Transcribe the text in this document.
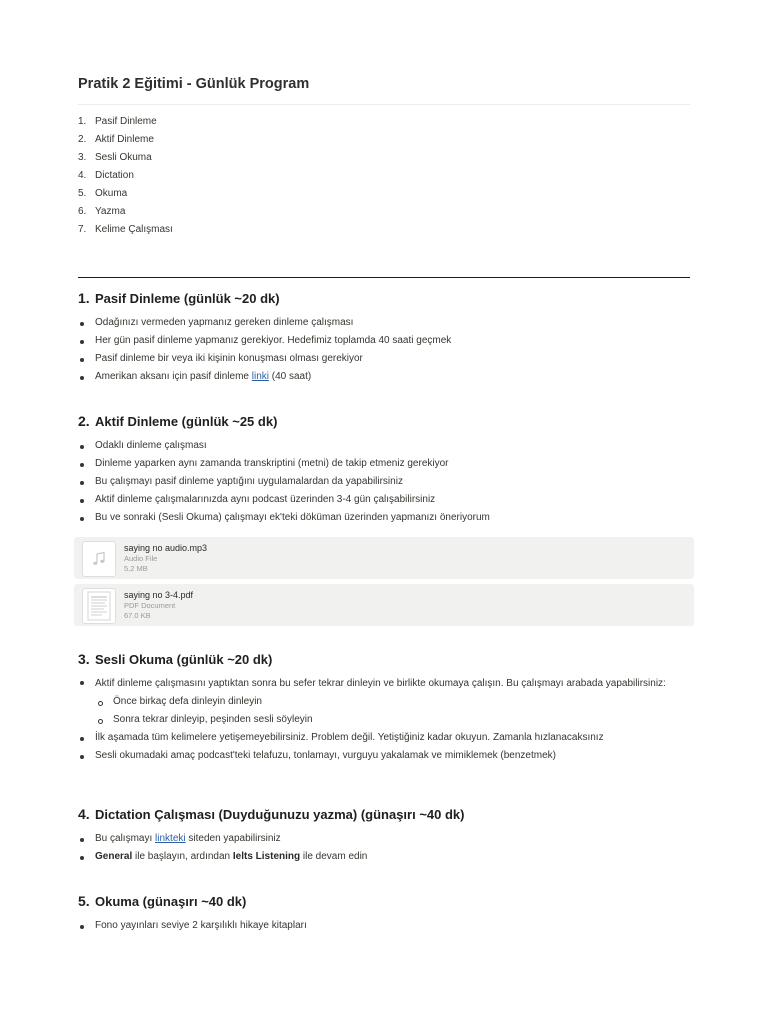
Pratik 2 Eğitimi - Günlük Program
1. Pasif Dinleme
2. Aktif Dinleme
3. Sesli Okuma
4. Dictation
5. Okuma
6. Yazma
7. Kelime Çalışması
1. Pasif Dinleme (günlük ~20 dk)
Odağınızı vermeden yapmanız gereken dinleme çalışması
Her gün pasif dinleme yapmanız gerekiyor. Hedefimiz toplamda 40 saati geçmek
Pasif dinleme bir veya iki kişinin konuşması olması gerekiyor
Amerikan aksanı için pasif dinleme linki (40 saat)
2. Aktif Dinleme (günlük ~25 dk)
Odaklı dinleme çalışması
Dinleme yaparken aynı zamanda transkriptini (metni) de takip etmeniz gerekiyor
Bu çalışmayı pasif dinleme yaptığını uygulamalardan da yapabilirsiniz
Aktif dinleme çalışmalarınızda aynı podcast üzerinden 3-4 gün çalışabilirsiniz
Bu ve sonraki (Sesli Okuma) çalışmayı ek'teki döküman üzerinden yapmanızı öneriyorum
saying no audio.mp3
Audio File
5,2 MB
saying no 3-4.pdf
PDF Document
67.0 KB
3. Sesli Okuma (günlük ~20 dk)
Aktif dinleme çalışmasını yaptıktan sonra bu sefer tekrar dinleyin ve birlikte okumaya çalışın. Bu çalışmayı arabada yapabilirsiniz:
Önce birkaç defa dinleyin dinleyin
Sonra tekrar dinleyip, peşinden sesli söyleyin
İlk aşamada tüm kelimelere yetişemeyebilirsiniz. Problem değil. Yetiştiğiniz kadar okuyun. Zamanla hızlanacaksınız
Sesli okumadaki amaç podcast'teki telafuzu, tonlamayı, vurguyu yakalamak ve mimiklemek (benzetmek)
4. Dictation Çalışması (Duyduğunuzu yazma) (günaşırı ~40 dk)
Bu çalışmayı linkteki siteden yapabilirsiniz
General ile başlayın, ardından Ielts Listening ile devam edin
5. Okuma (günaşırı ~40 dk)
Fono yayınları seviye 2 karşılıklı hikaye kitapları
